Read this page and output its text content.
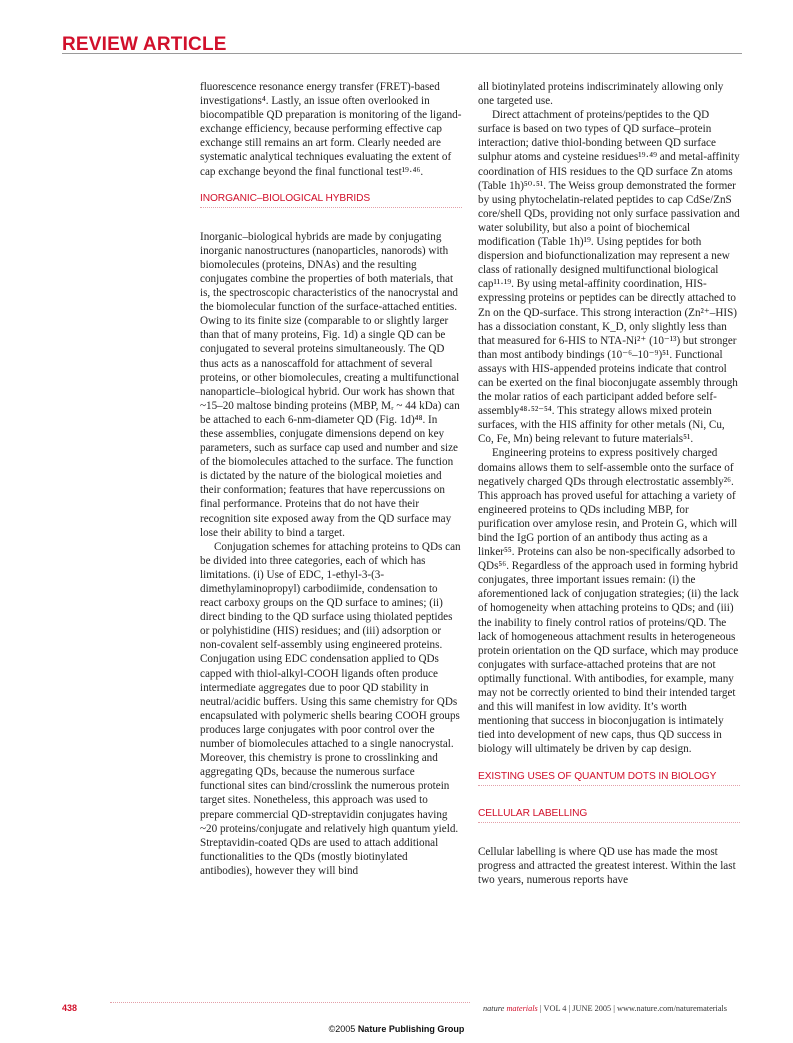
REVIEW ARTICLE

fluorescence resonance energy transfer (FRET)-based investigations⁴. Lastly, an issue often overlooked in biocompatible QD preparation is monitoring of the ligand-exchange efficiency, because performing effective cap exchange still remains an art form. Clearly needed are systematic analytical techniques evaluating the extent of cap exchange beyond the final functional test¹⁹·⁴⁶.

INORGANIC–BIOLOGICAL HYBRIDS

Inorganic–biological hybrids are made by conjugating inorganic nanostructures (nanoparticles, nanorods) with biomolecules (proteins, DNAs) and the resulting conjugates combine the properties of both materials, that is, the spectroscopic characteristics of the nanocrystal and the biomolecular function of the surface-attached entities. Owing to its finite size (comparable to or slightly larger than that of many proteins, Fig. 1d) a single QD can be conjugated to several proteins simultaneously. The QD thus acts as a nanoscaffold for attachment of several proteins, or other biomolecules, creating a multifunctional nanoparticle–biological hybrid. Our work has shown that ~15–20 maltose binding proteins (MBP, Mᵣ ~ 44 kDa) can be attached to each 6-nm-diameter QD (Fig. 1d)⁴⁸. In these assemblies, conjugate dimensions depend on key parameters, such as surface cap used and number and size of the biomolecules attached to the surface. The function is dictated by the nature of the biological moieties and their conformation; features that have repercussions on final performance. Proteins that do not have their recognition site exposed away from the QD surface may lose their ability to bind a target.

Conjugation schemes for attaching proteins to QDs can be divided into three categories, each of which has limitations. (i) Use of EDC, 1-ethyl-3-(3-dimethylaminopropyl) carbodiimide, condensation to react carboxy groups on the QD surface to amines; (ii) direct binding to the QD surface using thiolated peptides or polyhistidine (HIS) residues; and (iii) adsorption or non-covalent self-assembly using engineered proteins. Conjugation using EDC condensation applied to QDs capped with thiol-alkyl-COOH ligands often produce intermediate aggregates due to poor QD stability in neutral/acidic buffers. Using this same chemistry for QDs encapsulated with polymeric shells bearing COOH groups produces large conjugates with poor control over the number of biomolecules attached to a single nanocrystal. Moreover, this chemistry is prone to crosslinking and aggregating QDs, because the numerous surface functional sites can bind/crosslink the numerous protein target sites. Nonetheless, this approach was used to prepare commercial QD-streptavidin conjugates having ~20 proteins/conjugate and relatively high quantum yield. Streptavidin-coated QDs are used to attach additional functionalities to the QDs (mostly biotinylated antibodies), however they will bind

all biotinylated proteins indiscriminately allowing only one targeted use.

Direct attachment of proteins/peptides to the QD surface is based on two types of QD surface–protein interaction; dative thiol-bonding between QD surface sulphur atoms and cysteine residues¹⁹·⁴⁹ and metal-affinity coordination of HIS residues to the QD surface Zn atoms (Table 1h)⁵⁰·⁵¹. The Weiss group demonstrated the former by using phytochelatin-related peptides to cap CdSe/ZnS core/shell QDs, providing not only surface passivation and water solubility, but also a point of biochemical modification (Table 1h)¹⁹. Using peptides for both dispersion and biofunctionalization may represent a new class of rationally designed multifunctional biological cap¹¹·¹⁹. By using metal-affinity coordination, HIS-expressing proteins or peptides can be directly attached to Zn on the QD-surface. This strong interaction (Zn²⁺–HIS) has a dissociation constant, K_D, only slightly less than that measured for 6-HIS to NTA-Ni²⁺ (10⁻¹³) but stronger than most antibody bindings (10⁻⁶–10⁻⁹)⁵¹. Functional assays with HIS-appended proteins indicate that control can be exerted on the final bioconjugate assembly through the molar ratios of each participant added before self-assembly⁴⁸·⁵²⁻⁵⁴. This strategy allows mixed protein surfaces, with the HIS affinity for other metals (Ni, Cu, Co, Fe, Mn) being relevant to future materials⁵¹.

Engineering proteins to express positively charged domains allows them to self-assemble onto the surface of negatively charged QDs through electrostatic assembly²⁶. This approach has proved useful for attaching a variety of engineered proteins to QDs including MBP, for purification over amylose resin, and Protein G, which will bind the IgG portion of an antibody thus acting as a linker⁵⁵. Proteins can also be non-specifically adsorbed to QDs⁵⁶. Regardless of the approach used in forming hybrid conjugates, three important issues remain: (i) the aforementioned lack of conjugation strategies; (ii) the lack of homogeneity when attaching proteins to QDs; and (iii) the inability to finely control ratios of proteins/QD. The lack of homogeneous attachment results in heterogeneous protein orientation on the QD surface, which may produce conjugates with surface-attached proteins that are not optimally functional. With antibodies, for example, many may not be correctly oriented to bind their intended target and this will manifest in low avidity. It’s worth mentioning that success in bioconjugation is intimately tied into development of new caps, thus QD success in biology will ultimately be driven by cap design.

EXISTING USES OF QUANTUM DOTS IN BIOLOGY
CELLULAR LABELLING

Cellular labelling is where QD use has made the most progress and attracted the greatest interest. Within the last two years, numerous reports have

438	nature materials | VOL 4 | JUNE 2005 | www.nature.com/naturematerials
©2005 Nature Publishing Group
